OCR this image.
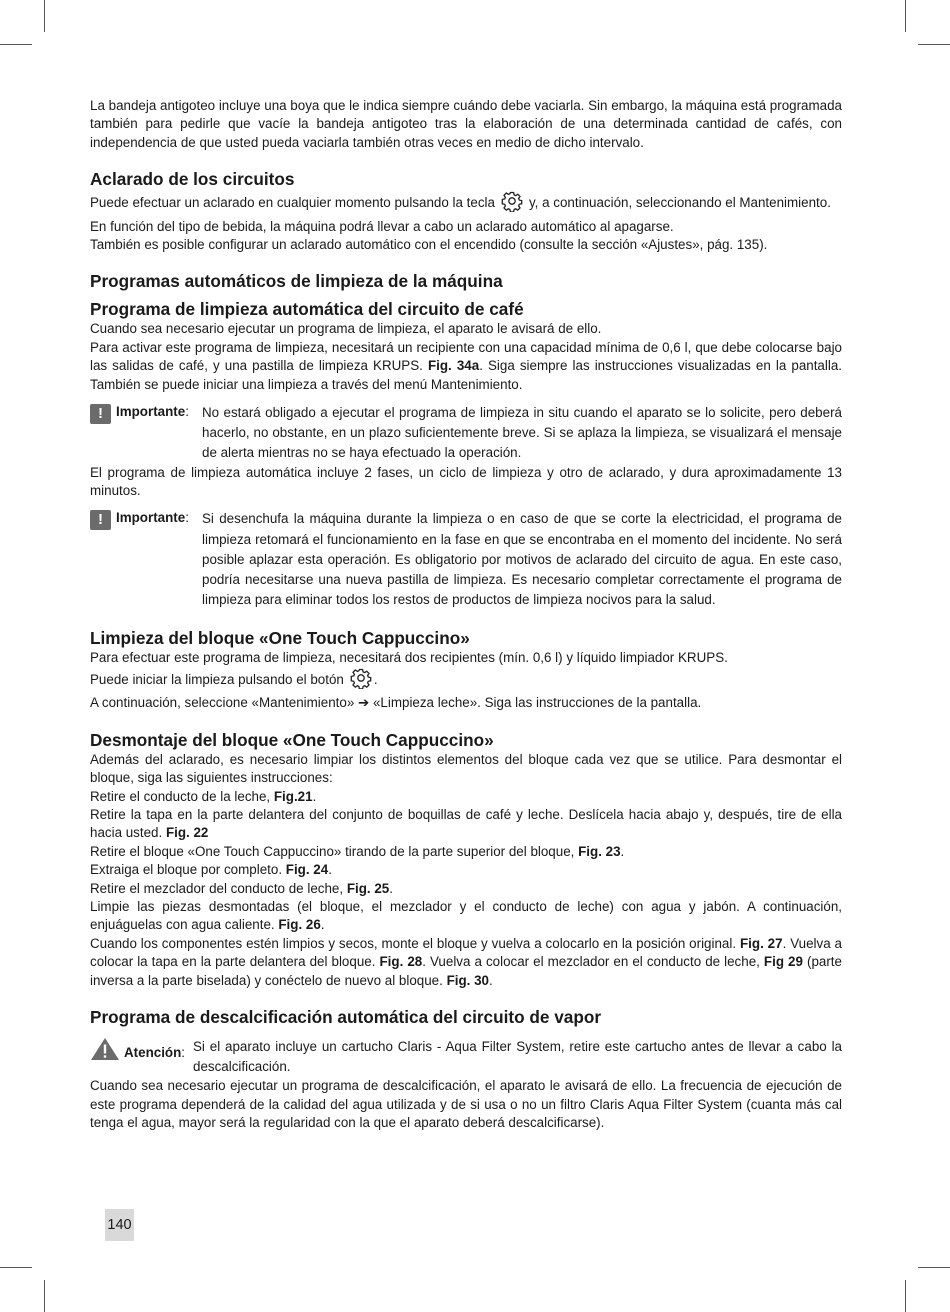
La bandeja antigoteo incluye una boya que le indica siempre cuándo debe vaciarla. Sin embargo, la máquina está programada también para pedirle que vacíe la bandeja antigoteo tras la elaboración de una determinada cantidad de cafés, con independencia de que usted pueda vaciarla también otras veces en medio de dicho intervalo.

Aclarado de los circuitos

Puede efectuar un aclarado en cualquier momento pulsando la tecla	y, a continuación, seleccionando el Mantenimiento.

En función del tipo de bebida, la máquina podrá llevar a cabo un aclarado automático al apagarse.

También es posible configurar un aclarado automático con el encendido (consulte la sección «Ajustes», pág. 135).

Programas automáticos de limpieza de la máquina
Programa de limpieza automática del circuito de café

Cuando sea necesario ejecutar un programa de limpieza, el aparato le avisará de ello.

Para activar este programa de limpieza, necesitará un recipiente con una capacidad mínima de 0,6 l, que debe colocarse bajo las salidas de café, y una pastilla de limpieza KRUPS. Fig. 34a. Siga siempre las instrucciones visualizadas en la pantalla. También se puede iniciar una limpieza a través del menú Mantenimiento.

! Importante: No estará obligado a ejecutar el programa de limpieza in situ cuando el aparato se lo solicite, pero deberá hacerlo, no obstante, en un plazo suficientemente breve. Si se aplaza la limpieza, se visualizará el mensaje de alerta mientras no se haya efectuado la operación.

El programa de limpieza automática incluye 2 fases, un ciclo de limpieza y otro de aclarado, y dura aproximadamente 13 minutos.

! Importante: Si desenchufa la máquina durante la limpieza o en caso de que se corte la electricidad, el programa de limpieza retomará el funcionamiento en la fase en que se encontraba en el momento del incidente. No será posible aplazar esta operación. Es obligatorio por motivos de aclarado del circuito de agua. En este caso, podría necesitarse una nueva pastilla de limpieza. Es necesario completar correctamente el programa de limpieza para eliminar todos los restos de productos de limpieza nocivos para la salud.
Limpieza del bloque «One Touch Cappuccino»

Para efectuar este programa de limpieza, necesitará dos recipientes (mín. 0,6 l) y líquido limpiador KRUPS.

Puede iniciar la limpieza pulsando el botón .

A continuación, seleccione «Mantenimiento» ➔ «Limpieza leche». Siga las instrucciones de la pantalla.

Desmontaje del bloque «One Touch Cappuccino»

Además del aclarado, es necesario limpiar los distintos elementos del bloque cada vez que se utilice. Para desmontar el bloque, siga las siguientes instrucciones:

Retire el conducto de la leche, Fig.21.

Retire la tapa en la parte delantera del conjunto de boquillas de café y leche. Deslícela hacia abajo y, después, tire de ella hacia usted. Fig. 22

Retire el bloque «One Touch Cappuccino» tirando de la parte superior del bloque, Fig. 23.

Extraiga el bloque por completo. Fig. 24.

Retire el mezclador del conducto de leche, Fig. 25.

Limpie las piezas desmontadas (el bloque, el mezclador y el conducto de leche) con agua y jabón. A continuación, enjuáguelas con agua caliente. Fig. 26.

Cuando los componentes estén limpios y secos, monte el bloque y vuelva a colocarlo en la posición original. Fig. 27. Vuelva a colocar la tapa en la parte delantera del bloque. Fig. 28. Vuelva a colocar el mezclador en el conducto de leche, Fig 29 (parte inversa a la parte biselada) y conéctelo de nuevo al bloque. Fig. 30.

Programa de descalcificación automática del circuito de vapor
Atención: Si el aparato incluye un cartucho Claris - Aqua Filter System, retire este cartucho antes de llevar a cabo la descalcificación.

Cuando sea necesario ejecutar un programa de descalcificación, el aparato le avisará de ello. La frecuencia de ejecución de este programa dependerá de la calidad del agua utilizada y de si usa o no un filtro Claris Aqua Filter System (cuanta más cal tenga el agua, mayor será la regularidad con la que el aparato deberá descalcificarse).

140
